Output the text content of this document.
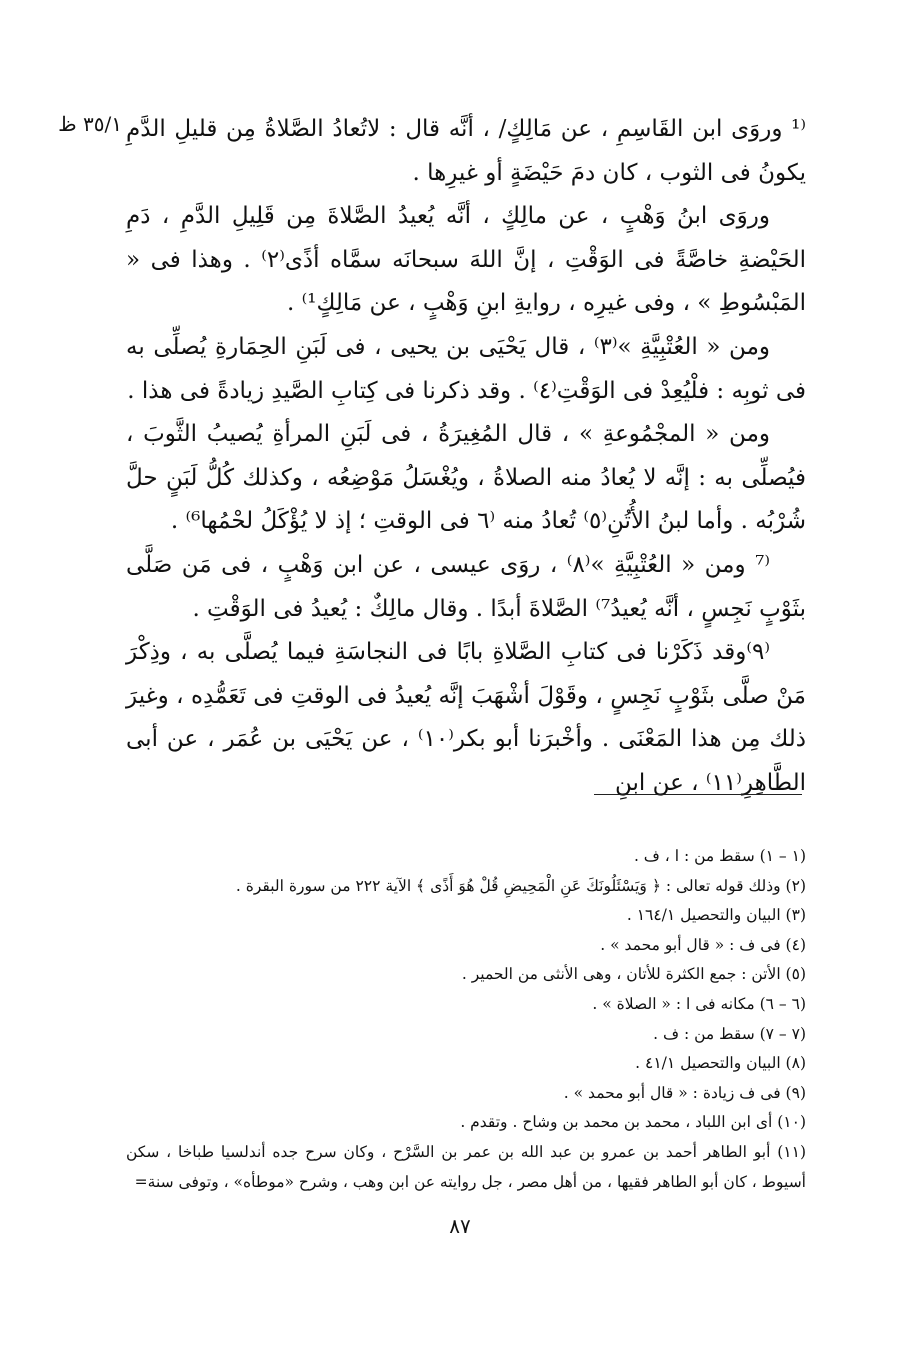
٣٥/١ ظ ⁽¹ وروَى ابن القَاسِمِ ، عن مَالِكٍ/ ، أنَّه قال : لاتُعادُ الصَّلاةُ مِن قليلِ الدَّمِ يكونُ فى الثوب ، كان دمَ حَيْضَةٍ أو غيرِها .

وروَى ابنُ وَهْبٍ ، عن مالِكٍ ، أنَّه يُعيدُ الصَّلاةَ مِن قَلِيلِ الدَّمِ ، دَمِ الحَيْضةِ خاصَّةً فى الوَقْتِ ، إنَّ اللهَ سبحانَه سمَّاه أذًى⁽٢⁾ . وهذا فى « المَبْسُوطِ » ، وفى غيرِه ، روايةِ ابنِ وَهْبٍ ، عن مَالِكٍ¹⁾ .

ومن « العُتْبِيَّةِ »⁽٣⁾ ، قال يَحْيَى بن يحيى ، فى لَبَنِ الحِمَارةِ يُصلِّى به فى ثوبِه : فلْيُعِدْ فى الوَقْتِ⁽٤⁾ . وقد ذكرنا فى كِتابِ الصَّيدِ زيادةً فى هذا .

ومن « المجْمُوعةِ » ، قال المُغِيرَةُ ، فى لَبَنِ المرأةِ يُصيبُ الثَّوبَ ، فيُصلِّى به : إنَّه لا يُعادُ منه الصلاةُ ، ويُغْسَلُ مَوْضِعُه ، وكذلك كُلُّ لَبَنٍ حلَّ شُرْبُه . وأما لبنُ الأُتُنِ⁽٥⁾ تُعادُ منه ⁽٦ فى الوقتِ ؛ إذ لا يُؤْكَلُ لحْمُها⁶⁾ .

⁽⁷ ومن « العُتْبِيَّةِ »⁽٨⁾ ، روَى عيسى ، عن ابن وَهْبٍ ، فى مَن صَلَّى بثَوْبٍ نَجِسٍ ، أنَّه يُعيدُ⁷⁾ الصَّلاةَ أبدًا . وقال مالِكٌ : يُعيدُ فى الوَقْتِ .

⁽٩⁾وقد ذَكَرْنا فى كتابِ الصَّلاةِ بابًا فى النجاسَةِ فيما يُصلَّى به ، وذِكْرَ مَنْ صلَّى بثَوْبٍ نَجِسٍ ، وقَوْلَ أشْهَبَ إنَّه يُعيدُ فى الوقتِ فى تَعَمُّدِه ، وغيرَ ذلك مِن هذا المَعْنَى . وأخْبرَنا أبو بكر⁽١٠⁾ ، عن يَحْيَى بن عُمَر ، عن أبى الطَّاهِرِ⁽١١⁾ ، عن ابنِ

(١ – ١) سقط من : ا ، ف .

(٢) وذلك قوله تعالى : ﴿ وَيَسْئَلُونَكَ عَنِ الْمَحِيضِ قُلْ هُوَ أَذًى ﴾ الآية ٢٢٢ من سورة البقرة .

(٣) البيان والتحصيل ١٦٤/١ .

(٤) فى ف : « قال أبو محمد » .

(٥) الأتن : جمع الكثرة للأتان ، وهى الأنثى من الحمير .

(٦ – ٦) مكانه فى ا : « الصلاة » .

(٧ – ٧) سقط من : ف .

(٨) البيان والتحصيل ٤١/١ .

(٩) فى ف زيادة : « قال أبو محمد » .

(١٠) أى ابن اللباد ، محمد بن محمد بن وشاح . وتقدم .

(١١) أبو الطاهر أحمد بن عمرو بن عبد الله بن عمر بن السَّرْح ، وكان سرح جده أندلسيا طباخا ، سكن أسيوط ، كان أبو الطاهر فقيها ، من أهل مصر ، جل روايته عن ابن وهب ، وشرح «موطأه» ، وتوفى سنة=

٨٧
